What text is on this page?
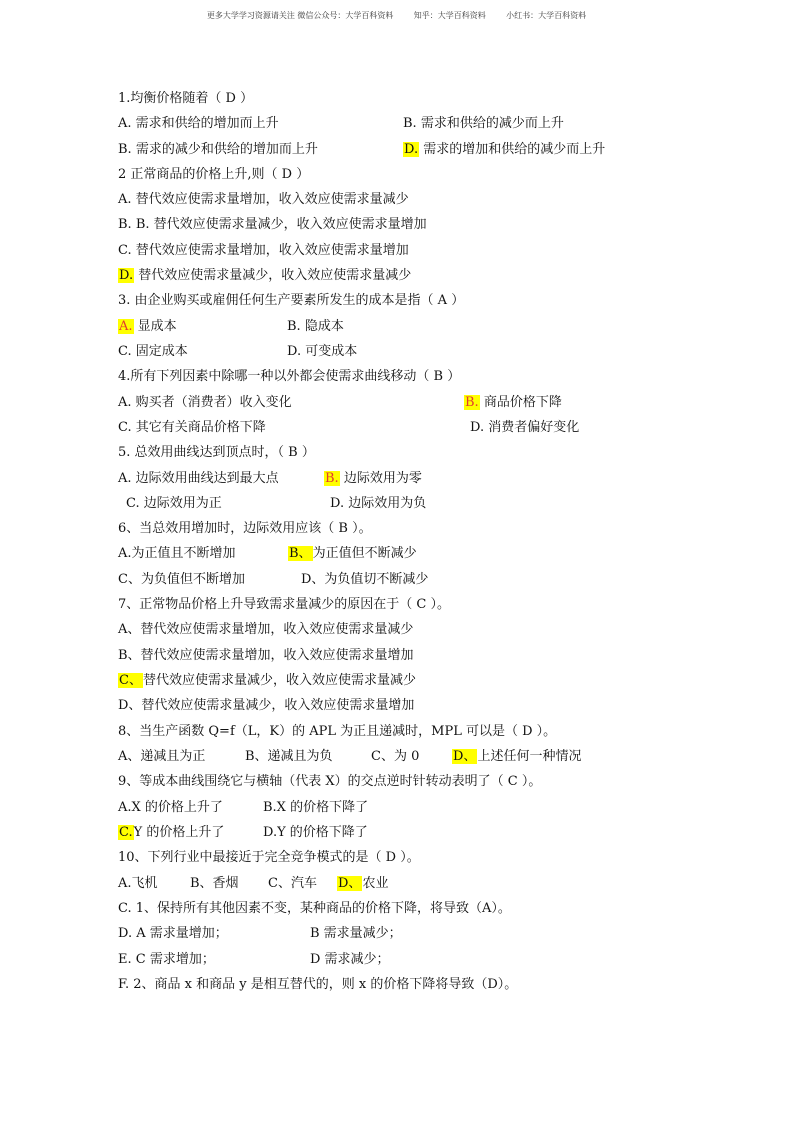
更多大学学习资源请关注 微信公众号：大学百科资料        知乎：大学百科资料        小红书：大学百科资料
1.均衡价格随着（ D ）
A. 需求和供给的增加而上升	B. 需求和供给的减少而上升
B. 需求的减少和供给的增加而上升	D. 需求的增加和供给的减少而上升
2 正常商品的价格上升,则（ D ）
A. 替代效应使需求量增加，收入效应使需求量减少
B. B. 替代效应使需求量减少，收入效应使需求量增加
C. 替代效应使需求量增加，收入效应使需求量增加
D. 替代效应使需求量减少，收入效应使需求量减少
3. 由企业购买或雇佣任何生产要素所发生的成本是指（ A ）
A. 显成本	B. 隐成本
C. 固定成本	D. 可变成本
4.所有下列因素中除哪一种以外都会使需求曲线移动（ B ）
A. 购买者（消费者）收入变化	B. 商品价格下降
C. 其它有关商品价格下降	D. 消费者偏好变化
5. 总效用曲线达到顶点时，（ B ）
A. 边际效用曲线达到最大点	B. 边际效用为零
C. 边际效用为正	D. 边际效用为负
6、当总效用增加时，边际效用应该（ B ）。
A.为正值且不断增加	B、为正值但不断减少
C、为负值但不断增加	D、为负值切不断减少
7、正常物品价格上升导致需求量减少的原因在于（ C ）。
A、替代效应使需求量增加，收入效应使需求量减少
B、替代效应使需求量增加，收入效应使需求量增加
C、替代效应使需求量减少，收入效应使需求量减少
D、替代效应使需求量减少，收入效应使需求量增加
8、当生产函数 Q=f（L，K）的 APL 为正且递减时，MPL 可以是（ D ）。
A、递减且为正	B、递减且为负	C、为 0	D、上述任何一种情况
9、等成本曲线围绕它与横轴（代表 X）的交点逆时针转动表明了（ C ）。
A.X 的价格上升了	B.X 的价格下降了
C.Y 的价格上升了	D.Y 的价格下降了
10、下列行业中最接近于完全竞争模式的是（ D ）。
A.飞机 B、香烟 C、汽车 D、农业
C. 1、保持所有其他因素不变，某种商品的价格下降，将导致（A）。
D. A 需求量增加；	B 需求量减少；
E. C 需求增加；	D 需求减少；
F. 2、商品 x 和商品 y 是相互替代的，则 x 的价格下降将导致（D）。
